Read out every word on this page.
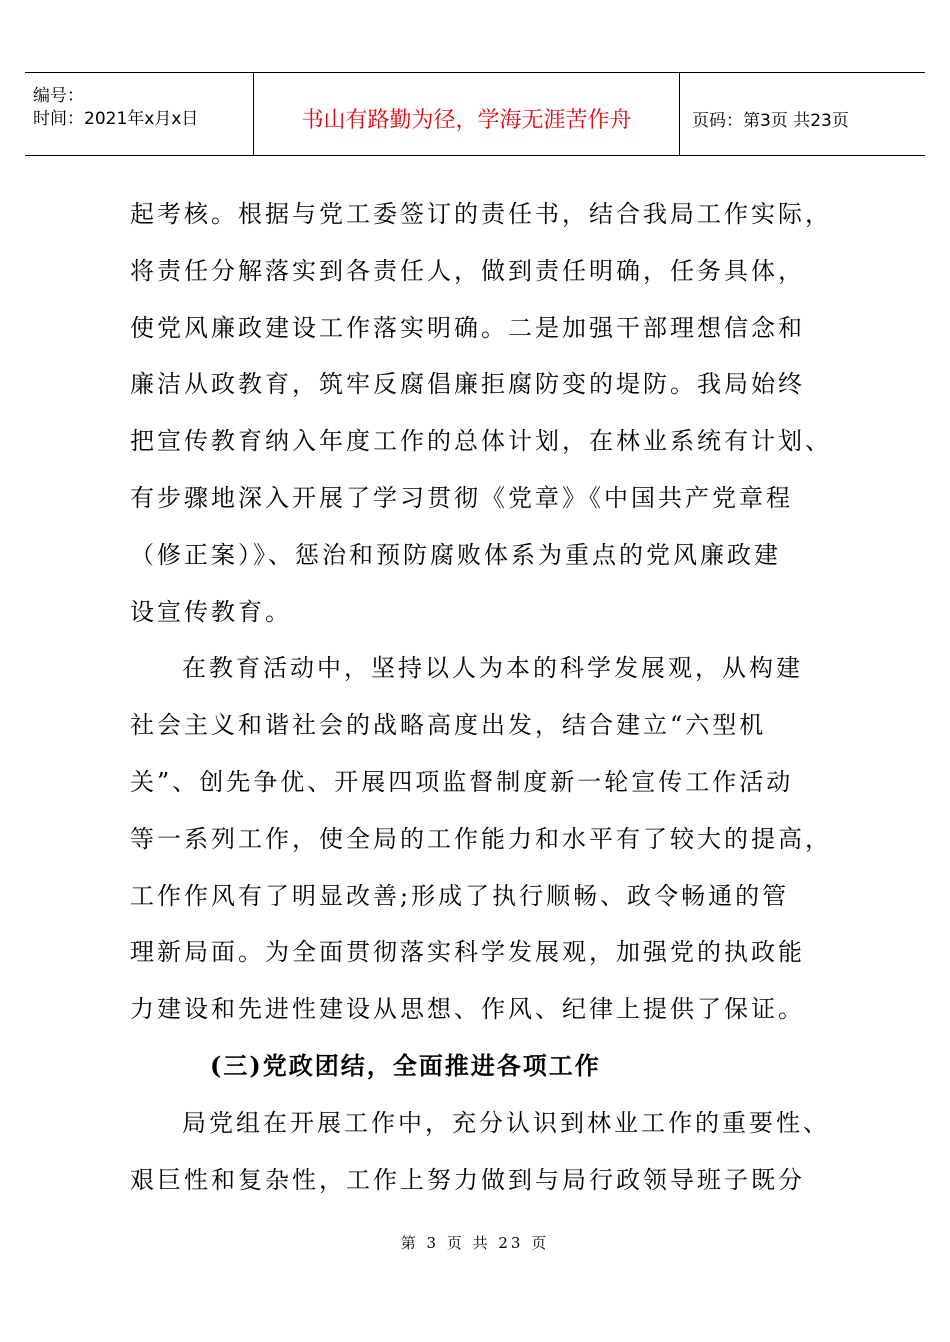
编号：
时间：2021年x月x日	书山有路勤为径，学海无涯苦作舟	页码：第3页 共23页
起考核。根据与党工委签订的责任书，结合我局工作实际，
将责任分解落实到各责任人，做到责任明确，任务具体，
使党风廉政建设工作落实明确。二是加强干部理想信念和
廉洁从政教育，筑牢反腐倡廉拒腐防变的堤防。我局始终
把宣传教育纳入年度工作的总体计划，在林业系统有计划、
有步骤地深入开展了学习贯彻《党章》《中国共产党章程
（修正案）》、惩治和预防腐败体系为重点的党风廉政建
设宣传教育。
在教育活动中，坚持以人为本的科学发展观，从构建
社会主义和谐社会的战略高度出发，结合建立“六型机
关”、创先争优、开展四项监督制度新一轮宣传工作活动
等一系列工作，使全局的工作能力和水平有了较大的提高，
工作作风有了明显改善;形成了执行顺畅、政令畅通的管
理新局面。为全面贯彻落实科学发展观，加强党的执政能
力建设和先进性建设从思想、作风、纪律上提供了保证。
(三)党政团结，全面推进各项工作
局党组在开展工作中，充分认识到林业工作的重要性、
艰巨性和复杂性，工作上努力做到与局行政领导班子既分
第 3 页 共 23 页
